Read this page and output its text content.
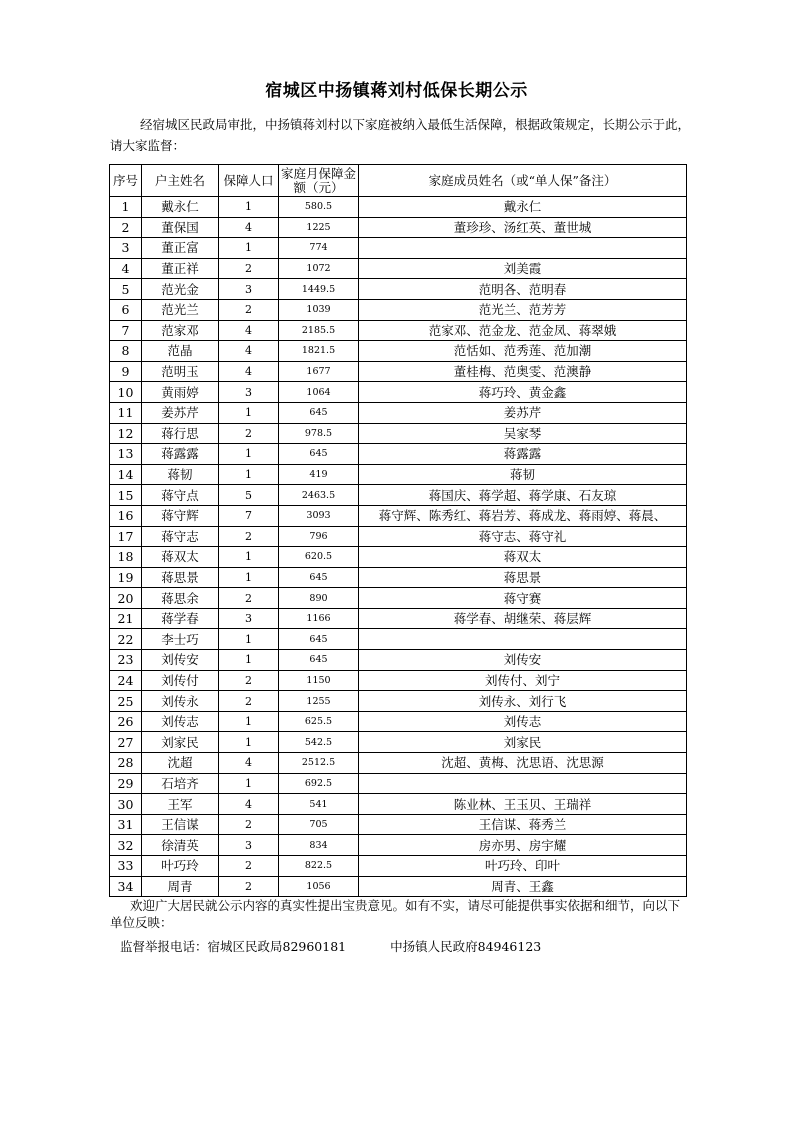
宿城区中扬镇蒋刘村低保长期公示
经宿城区民政局审批，中扬镇蒋刘村以下家庭被纳入最低生活保障，根据政策规定，长期公示于此，请大家监督：
序号	户主姓名	保障人口	家庭月保障金额（元）	家庭成员姓名（或“单人保”备注）
1	戴永仁	1	580.5	戴永仁
2	董保国	4	1225	董珍珍、汤红英、董世城
3	董正富	1	774	
4	董正祥	2	1072	刘美霞
5	范光金	3	1449.5	范明各、范明春
6	范光兰	2	1039	范光兰、范芳芳
7	范家邓	4	2185.5	范家邓、范金龙、范金凤、蒋翠娥
8	范晶	4	1821.5	范恬如、范秀莲、范加潮
9	范明玉	4	1677	董桂梅、范奥雯、范澳静
10	黄雨婷	3	1064	蒋巧玲、黄金鑫
11	姜苏芹	1	645	姜苏芹
12	蒋行思	2	978.5	吴家琴
13	蒋露露	1	645	蒋露露
14	蒋韧	1	419	蒋韧
15	蒋守点	5	2463.5	蒋国庆、蒋学超、蒋学康、石友琼
16	蒋守辉	7	3093	蒋守辉、陈秀红、蒋岩芳、蒋成龙、蒋雨婷、蒋晨、
17	蒋守志	2	796	蒋守志、蒋守礼
18	蒋双太	1	620.5	蒋双太
19	蒋思景	1	645	蒋思景
20	蒋思余	2	890	蒋守赛
21	蒋学春	3	1166	蒋学春、胡继荣、蒋层辉
22	李士巧	1	645	
23	刘传安	1	645	刘传安
24	刘传付	2	1150	刘传付、刘宁
25	刘传永	2	1255	刘传永、刘行飞
26	刘传志	1	625.5	刘传志
27	刘家民	1	542.5	刘家民
28	沈超	4	2512.5	沈超、黄梅、沈思语、沈思源
29	石培齐	1	692.5	
30	王军	4	541	陈业林、王玉贝、王瑞祥
31	王信谋	2	705	王信谋、蒋秀兰
32	徐清英	3	834	房亦男、房宇耀
33	叶巧玲	2	822.5	叶巧玲、印叶
34	周青	2	1056	周青、王鑫
欢迎广大居民就公示内容的真实性提出宝贵意见。如有不实，请尽可能提供事实依据和细节，向以下单位反映：
监督举报电话：宿城区民政局82960181	中扬镇人民政府84946123
